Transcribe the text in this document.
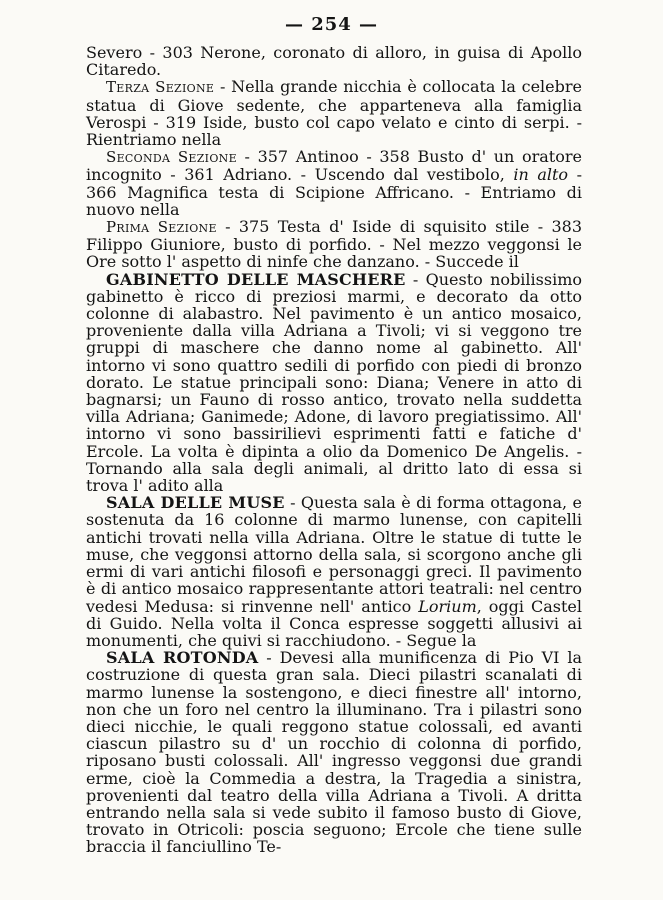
— 254 —

Severo - 303 Nerone, coronato di alloro, in guisa di Apollo Citaredo.

Terza Sezione - Nella grande nicchia è collocata la celebre statua di Giove sedente, che apparteneva alla famiglia Verospi - 319 Iside, busto col capo velato e cinto di serpi. - Rientriamo nella

Seconda Sezione - 357 Antinoo - 358 Busto d' un oratore incognito - 361 Adriano. - Uscendo dal vestibolo, in alto - 366 Magnifica testa di Scipione Affricano. - Entriamo di nuovo nella

Prima Sezione - 375 Testa d' Iside di squisito stile - 383 Filippo Giuniore, busto di porfido. - Nel mezzo veggonsi le Ore sotto l' aspetto di ninfe che danzano. - Succede il

GABINETTO DELLE MASCHERE - Questo nobilissimo gabinetto è ricco di preziosi marmi, e decorato da otto colonne di alabastro. Nel pavimento è un antico mosaico, proveniente dalla villa Adriana a Tivoli; vi si veggono tre gruppi di maschere che danno nome al gabinetto. All' intorno vi sono quattro sedili di porfido con piedi di bronzo dorato. Le statue principali sono: Diana; Venere in atto di bagnarsi; un Fauno di rosso antico, trovato nella suddetta villa Adriana; Ganimede; Adone, di lavoro pregiatissimo. All' intorno vi sono bassirilievi esprimenti fatti e fatiche d' Ercole. La volta è dipinta a olio da Domenico De Angelis. - Tornando alla sala degli animali, al dritto lato di essa si trova l' adito alla

SALA DELLE MUSE - Questa sala è di forma ottagona, e sostenuta da 16 colonne di marmo lunense, con capitelli antichi trovati nella villa Adriana. Oltre le statue di tutte le muse, che veggonsi attorno della sala, si scorgono anche gli ermi di vari antichi filosofi e personaggi greci. Il pavimento è di antico mosaico rappresentante attori teatrali: nel centro vedesi Medusa: si rinvenne nell' antico Lorium, oggi Castel di Guido. Nella volta il Conca espresse soggetti allusivi ai monumenti, che quivi si racchiudono. - Segue la

SALA ROTONDA - Devesi alla munificenza di Pio VI la costruzione di questa gran sala. Dieci pilastri scanalati di marmo lunense la sostengono, e dieci finestre all' intorno, non che un foro nel centro la illuminano. Tra i pilastri sono dieci nicchie, le quali reggono statue colossali, ed avanti ciascun pilastro su d' un rocchio di colonna di porfido, riposano busti colossali. All' ingresso veggonsi due grandi erme, cioè la Commedia a destra, la Tragedia a sinistra, provenienti dal teatro della villa Adriana a Tivoli. A dritta entrando nella sala si vede subito il famoso busto di Giove, trovato in Otricoli: poscia seguono; Ercole che tiene sulle braccia il fanciullino Te-
